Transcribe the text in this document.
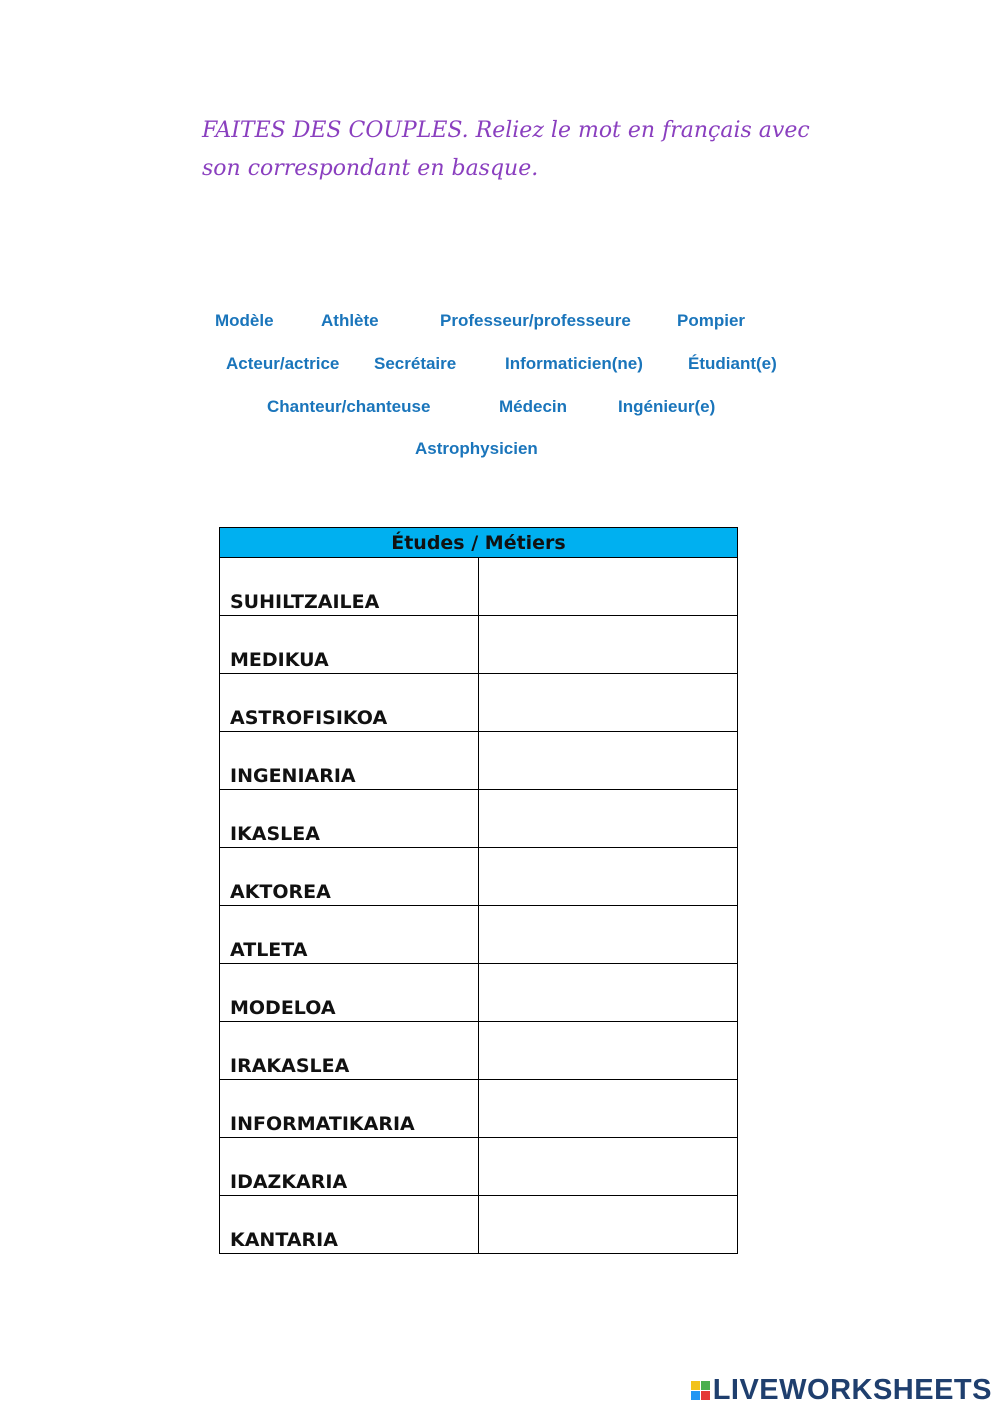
FAITES DES COUPLES. Reliez le mot en français avec
son correspondant en basque.
Modèle	Athlète	Professeur/professeure	Pompier
Acteur/actrice Secrétaire	Informaticien(ne)	Étudiant(e)
Chanteur/chanteuse	Médecin	Ingénieur(e)
Astrophysicien
Études / Métiers	
SUHILTZAILEA	
MEDIKUA	
ASTROFISIKOA	
INGENIARIA	
IKASLEA	
AKTOREA	
ATLETA	
MODELOA	
IRAKASLEA	
INFORMATIKARIA	
IDAZKARIA	
KANTARIA	
LIVEWORKSHEETS
